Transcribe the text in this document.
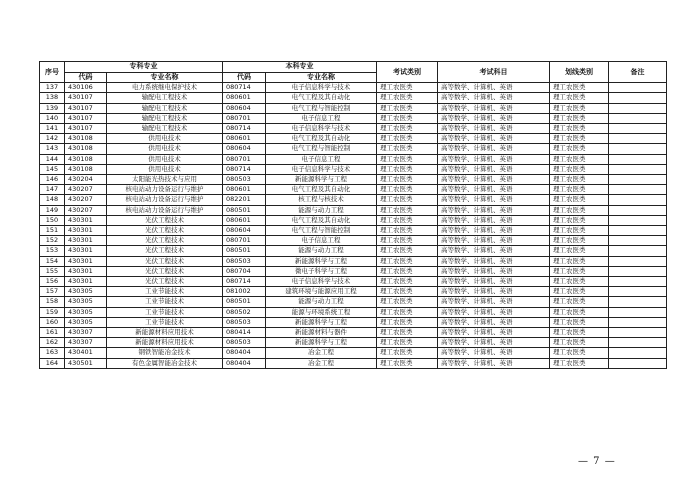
序号	专科专业		本科专业		考试类别	考试科目	划线类别	备注
	代码	专业名称	代码	专业名称				
137	430106	电力系统继电保护技术	080714	电子信息科学与技术	理工农医类	高等数学、计算机、英语	理工农医类	
138	430107	输配电工程技术	080601	电气工程及其自动化	理工农医类	高等数学、计算机、英语	理工农医类	
139	430107	输配电工程技术	080604	电气工程与智能控制	理工农医类	高等数学、计算机、英语	理工农医类	
140	430107	输配电工程技术	080701	电子信息工程	理工农医类	高等数学、计算机、英语	理工农医类	
141	430107	输配电工程技术	080714	电子信息科学与技术	理工农医类	高等数学、计算机、英语	理工农医类	
142	430108	供用电技术	080601	电气工程及其自动化	理工农医类	高等数学、计算机、英语	理工农医类	
143	430108	供用电技术	080604	电气工程与智能控制	理工农医类	高等数学、计算机、英语	理工农医类	
144	430108	供用电技术	080701	电子信息工程	理工农医类	高等数学、计算机、英语	理工农医类	
145	430108	供用电技术	080714	电子信息科学与技术	理工农医类	高等数学、计算机、英语	理工农医类	
146	430204	太阳能光热技术与应用	080503	新能源科学与工程	理工农医类	高等数学、计算机、英语	理工农医类	
147	430207	核电站动力设备运行与维护	080601	电气工程及其自动化	理工农医类	高等数学、计算机、英语	理工农医类	
148	430207	核电站动力设备运行与维护	082201	核工程与核技术	理工农医类	高等数学、计算机、英语	理工农医类	
149	430207	核电站动力设备运行与维护	080501	能源与动力工程	理工农医类	高等数学、计算机、英语	理工农医类	
150	430301	光伏工程技术	080601	电气工程及其自动化	理工农医类	高等数学、计算机、英语	理工农医类	
151	430301	光伏工程技术	080604	电气工程与智能控制	理工农医类	高等数学、计算机、英语	理工农医类	
152	430301	光伏工程技术	080701	电子信息工程	理工农医类	高等数学、计算机、英语	理工农医类	
153	430301	光伏工程技术	080501	能源与动力工程	理工农医类	高等数学、计算机、英语	理工农医类	
154	430301	光伏工程技术	080503	新能源科学与工程	理工农医类	高等数学、计算机、英语	理工农医类	
155	430301	光伏工程技术	080704	微电子科学与工程	理工农医类	高等数学、计算机、英语	理工农医类	
156	430301	光伏工程技术	080714	电子信息科学与技术	理工农医类	高等数学、计算机、英语	理工农医类	
157	430305	工业节能技术	081002	建筑环境与能源应用工程	理工农医类	高等数学、计算机、英语	理工农医类	
158	430305	工业节能技术	080501	能源与动力工程	理工农医类	高等数学、计算机、英语	理工农医类	
159	430305	工业节能技术	080502	能源与环境系统工程	理工农医类	高等数学、计算机、英语	理工农医类	
160	430305	工业节能技术	080503	新能源科学与工程	理工农医类	高等数学、计算机、英语	理工农医类	
161	430307	新能源材料应用技术	080414	新能源材料与器件	理工农医类	高等数学、计算机、英语	理工农医类	
162	430307	新能源材料应用技术	080503	新能源科学与工程	理工农医类	高等数学、计算机、英语	理工农医类	
163	430401	钢铁智能冶金技术	080404	冶金工程	理工农医类	高等数学、计算机、英语	理工农医类	
164	430501	有色金属智能冶金技术	080404	冶金工程	理工农医类	高等数学、计算机、英语	理工农医类	
— 7 —
